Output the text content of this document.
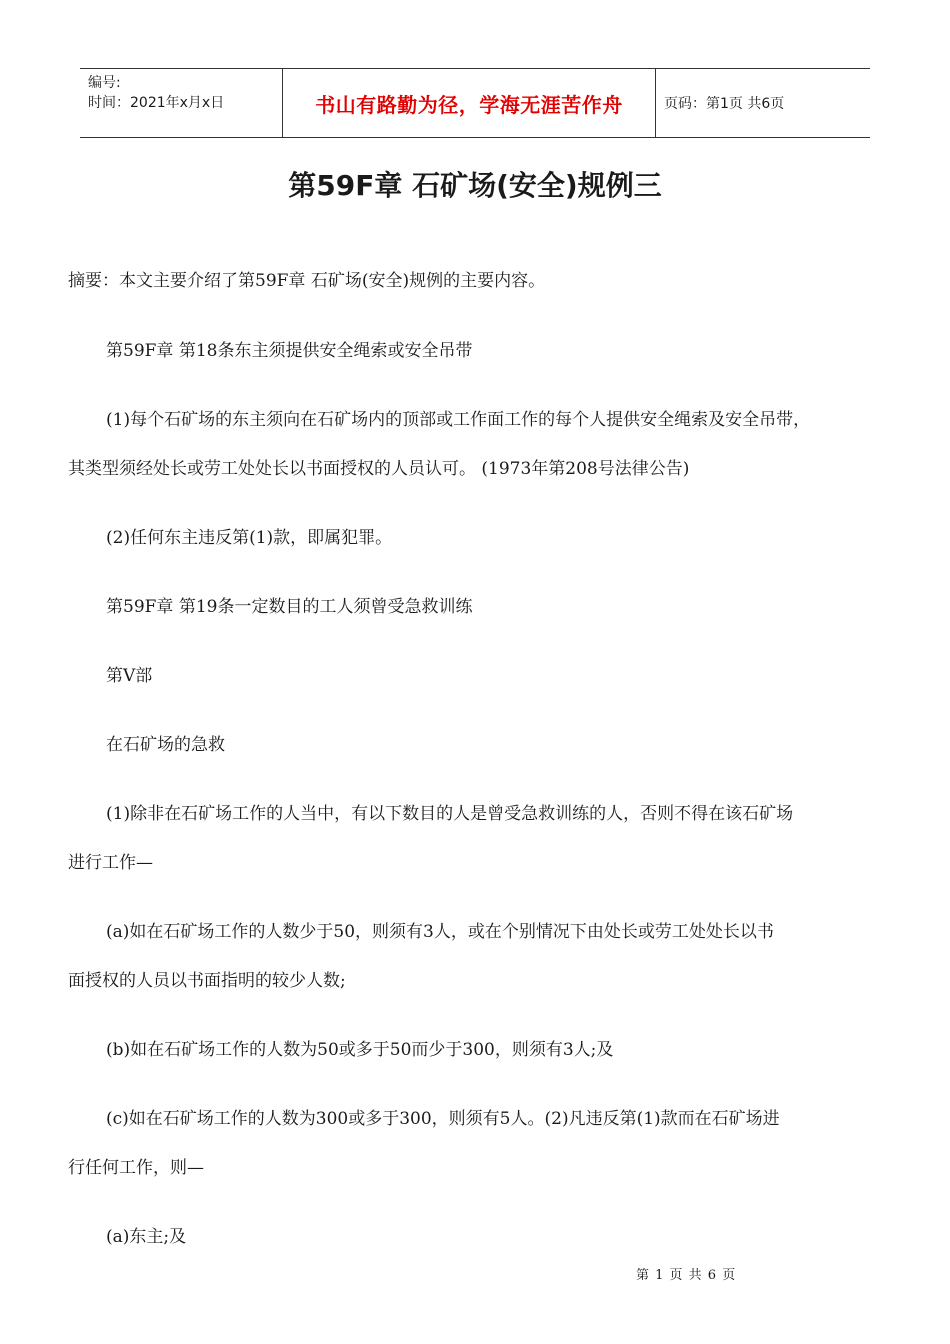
编号:
时间：2021年x月x日	书山有路勤为径，学海无涯苦作舟	页码：第1页 共6页
第59F章 石矿场(安全)规例三

摘要：本文主要介绍了第59F章 石矿场(安全)规例的主要内容。

第59F章 第18条东主须提供安全绳索或安全吊带

(1)每个石矿场的东主须向在石矿场内的顶部或工作面工作的每个人提供安全绳索及安全吊带，

其类型须经处长或劳工处处长以书面授权的人员认可。 (1973年第208号法律公告)

(2)任何东主违反第(1)款，即属犯罪。

第59F章 第19条一定数目的工人须曾受急救训练

第V部

在石矿场的急救

(1)除非在石矿场工作的人当中，有以下数目的人是曾受急救训练的人，否则不得在该石矿场

进行工作—

(a)如在石矿场工作的人数少于50，则须有3人，或在个别情况下由处长或劳工处处长以书

面授权的人员以书面指明的较少人数;

(b)如在石矿场工作的人数为50或多于50而少于300，则须有3人;及

(c)如在石矿场工作的人数为300或多于300，则须有5人。(2)凡违反第(1)款而在石矿场进

行任何工作，则—

(a)东主;及

第 1 页 共 6 页
